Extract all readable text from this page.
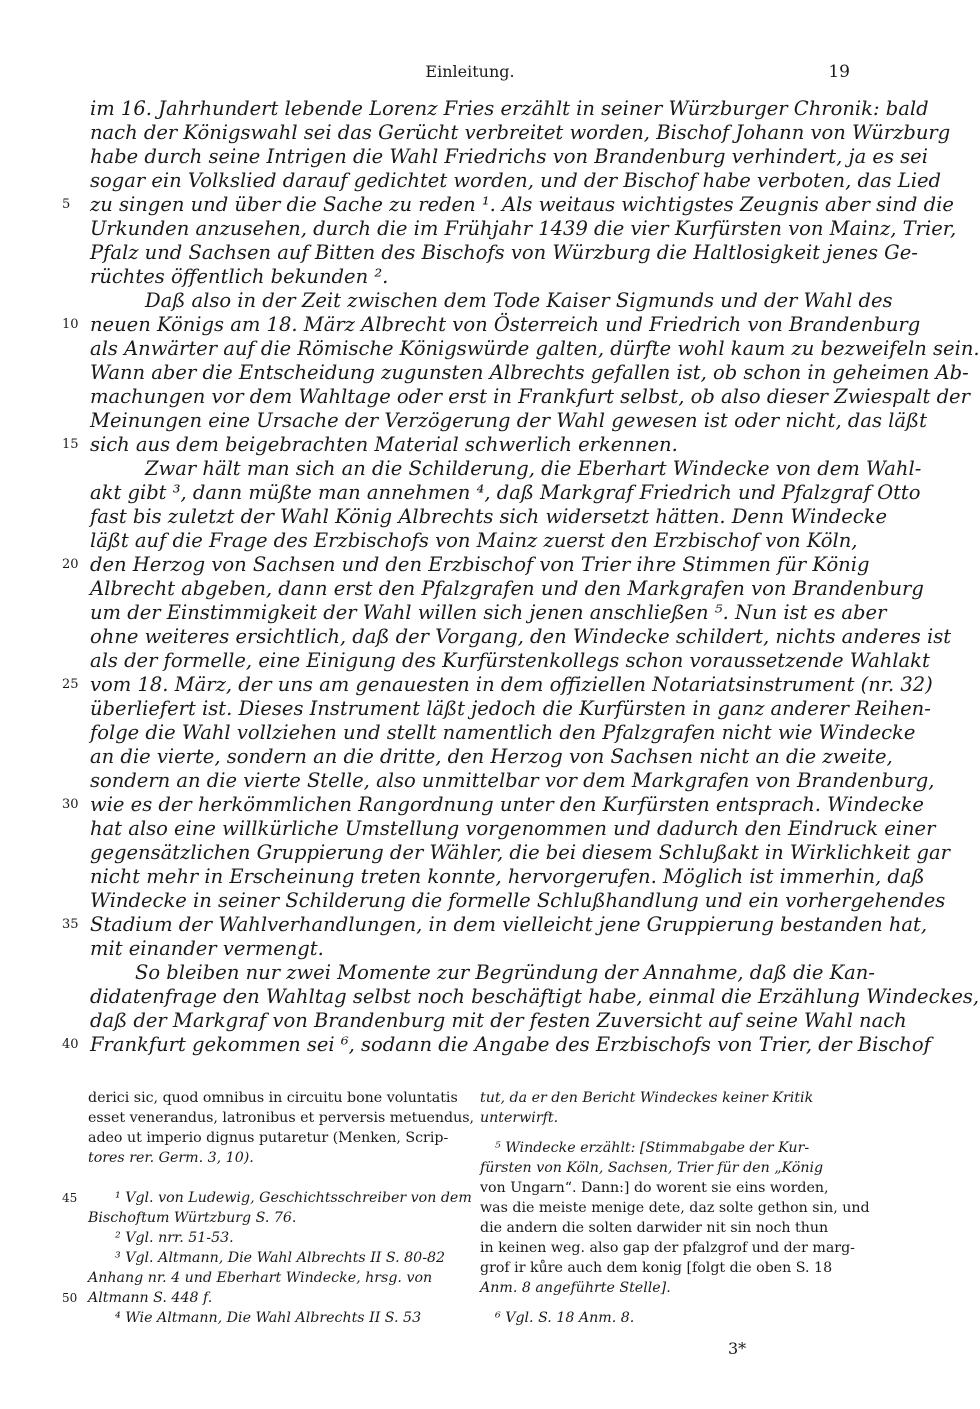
Einleitung.	19
im 16. Jahrhundert lebende Lorenz Fries erzählt in seiner Würzburger Chronik: bald
nach der Königswahl sei das Gerücht verbreitet worden, Bischof Johann von Würzburg
habe durch seine Intrigen die Wahl Friedrichs von Brandenburg verhindert, ja es sei
sogar ein Volkslied darauf gedichtet worden, und der Bischof habe verboten, das Lied
zu singen und über die Sache zu reden ¹. Als weitaus wichtigstes Zeugnis aber sind die
Urkunden anzusehen, durch die im Frühjahr 1439 die vier Kurfürsten von Mainz, Trier,
Pfalz und Sachsen auf Bitten des Bischofs von Würzburg die Haltlosigkeit jenes Ge-
rüchtes öffentlich bekunden ².
Daß also in der Zeit zwischen dem Tode Kaiser Sigmunds und der Wahl des
neuen Königs am 18. März Albrecht von Österreich und Friedrich von Brandenburg
als Anwärter auf die Römische Königswürde galten, dürfte wohl kaum zu bezweifeln sein.
Wann aber die Entscheidung zugunsten Albrechts gefallen ist, ob schon in geheimen Ab-
machungen vor dem Wahltage oder erst in Frankfurt selbst, ob also dieser Zwiespalt der
Meinungen eine Ursache der Verzögerung der Wahl gewesen ist oder nicht, das läßt
sich aus dem beigebrachten Material schwerlich erkennen.
Zwar hält man sich an die Schilderung, die Eberhart Windecke von dem Wahl-
akt gibt ³, dann müßte man annehmen ⁴, daß Markgraf Friedrich und Pfalzgraf Otto
fast bis zuletzt der Wahl König Albrechts sich widersetzt hätten. Denn Windecke
läßt auf die Frage des Erzbischofs von Mainz zuerst den Erzbischof von Köln,
den Herzog von Sachsen und den Erzbischof von Trier ihre Stimmen für König
Albrecht abgeben, dann erst den Pfalzgrafen und den Markgrafen von Brandenburg
um der Einstimmigkeit der Wahl willen sich jenen anschließen ⁵. Nun ist es aber
ohne weiteres ersichtlich, daß der Vorgang, den Windecke schildert, nichts anderes ist
als der formelle, eine Einigung des Kurfürstenkollegs schon voraussetzende Wahlakt
vom 18. März, der uns am genauesten in dem offiziellen Notariatsinstrument (nr. 32)
überliefert ist. Dieses Instrument läßt jedoch die Kurfürsten in ganz anderer Reihen-
folge die Wahl vollziehen und stellt namentlich den Pfalzgrafen nicht wie Windecke
an die vierte, sondern an die dritte, den Herzog von Sachsen nicht an die zweite,
sondern an die vierte Stelle, also unmittelbar vor dem Markgrafen von Brandenburg,
wie es der herkömmlichen Rangordnung unter den Kurfürsten entsprach. Windecke
hat also eine willkürliche Umstellung vorgenommen und dadurch den Eindruck einer
gegensätzlichen Gruppierung der Wähler, die bei diesem Schlußakt in Wirklichkeit gar
nicht mehr in Erscheinung treten konnte, hervorgerufen. Möglich ist immerhin, daß
Windecke in seiner Schilderung die formelle Schlußhandlung und ein vorhergehendes
Stadium der Wahlverhandlungen, in dem vielleicht jene Gruppierung bestanden hat,
mit einander vermengt.
So bleiben nur zwei Momente zur Begründung der Annahme, daß die Kan-
didatenfrage den Wahltag selbst noch beschäftigt habe, einmal die Erzählung Windeckes,
daß der Markgraf von Brandenburg mit der festen Zuversicht auf seine Wahl nach
Frankfurt gekommen sei ⁶, sodann die Angabe des Erzbischofs von Trier, der Bischof
5
10
15
20
25
30
35
40
45
50
derici sic, quod omnibus in circuitu bone voluntatis
esset venerandus, latronibus et perversis metuendus,
adeo ut imperio dignus putaretur (Menken, Scrip-
tores rer. Germ. 3, 10).
¹ Vgl. von Ludewig, Geschichtsschreiber von dem
Bischoftum Würtzburg S. 76.
² Vgl. nrr. 51-53.
³ Vgl. Altmann, Die Wahl Albrechts II S. 80-82
Anhang nr. 4 und Eberhart Windecke, hrsg. von
Altmann S. 448 f.
⁴ Wie Altmann, Die Wahl Albrechts II S. 53
tut, da er den Bericht Windeckes keiner Kritik
unterwirft.
⁵ Windecke erzählt: [Stimmabgabe der Kur-
fürsten von Köln, Sachsen, Trier für den „König
von Ungarn“. Dann:] do worent sie eins worden,
was die meiste menige dete, daz solte gethon sin, und
die andern die solten darwider nit sin noch thun
in keinen weg. also gap der pfalzgrof und der marg-
grof ir kůre auch dem konig [folgt die oben S. 18
Anm. 8 angeführte Stelle].
⁶ Vgl. S. 18 Anm. 8.
3*
